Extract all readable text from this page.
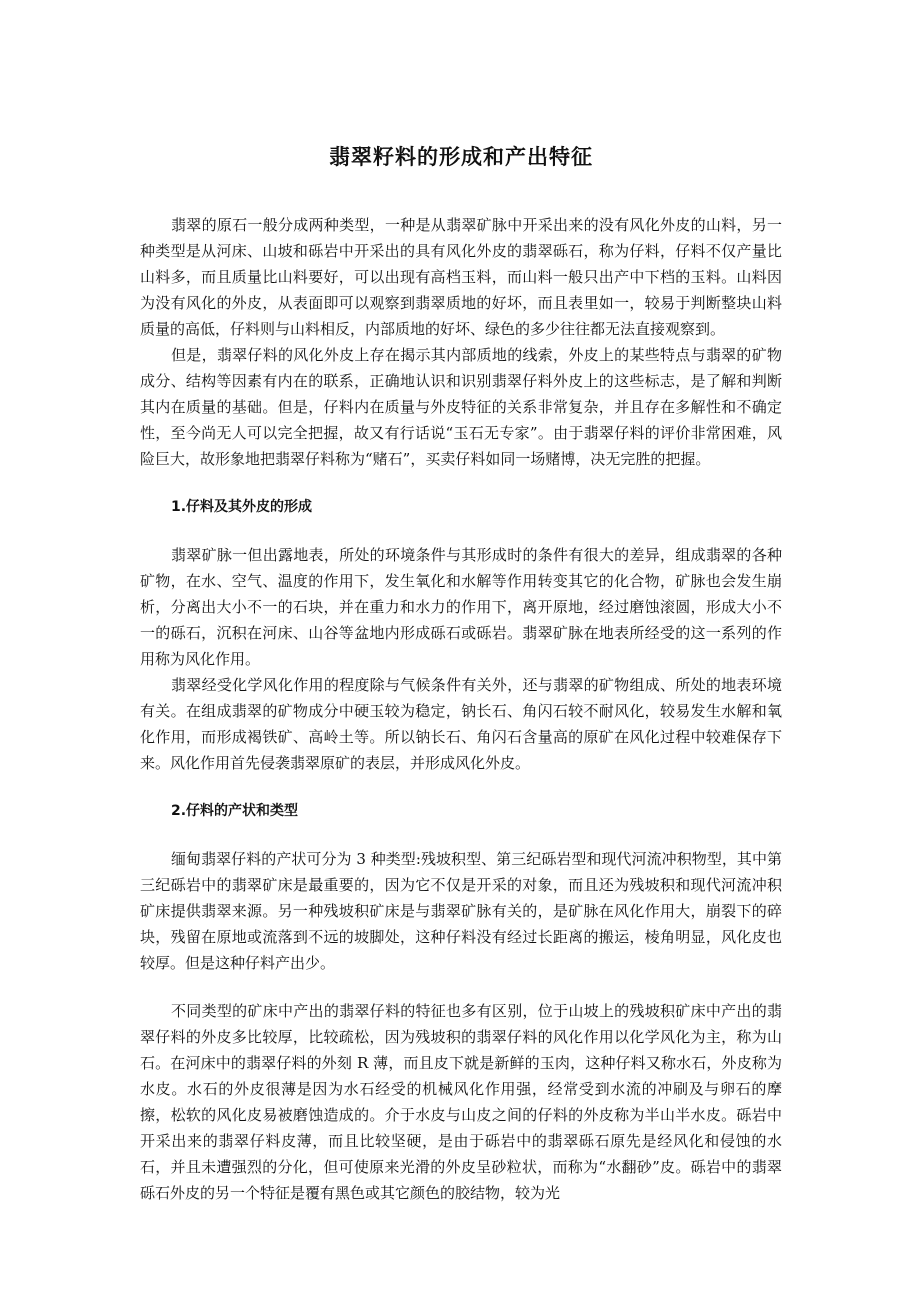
翡翠籽料的形成和产出特征

翡翠的原石一般分成两种类型，一种是从翡翠矿脉中开采出来的没有风化外皮的山料，另一种类型是从河床、山坡和砾岩中开采出的具有风化外皮的翡翠砾石，称为仔料，仔料不仅产量比山料多，而且质量比山料要好，可以出现有高档玉料，而山料一般只出产中下档的玉料。山料因为没有风化的外皮，从表面即可以观察到翡翠质地的好坏，而且表里如一，较易于判断整块山料质量的高低，仔料则与山料相反，内部质地的好坏、绿色的多少往往都无法直接观察到。

但是，翡翠仔料的风化外皮上存在揭示其内部质地的线索，外皮上的某些特点与翡翠的矿物成分、结构等因素有内在的联系，正确地认识和识别翡翠仔料外皮上的这些标志，是了解和判断其内在质量的基础。但是，仔料内在质量与外皮特征的关系非常复杂，并且存在多解性和不确定性，至今尚无人可以完全把握，故又有行话说“玉石无专家”。由于翡翠仔料的评价非常困难，风险巨大，故形象地把翡翠仔料称为“赌石”，买卖仔料如同一场赌博，决无完胜的把握。

1.仔料及其外皮的形成

翡翠矿脉一但出露地表，所处的环境条件与其形成时的条件有很大的差异，组成翡翠的各种矿物，在水、空气、温度的作用下，发生氧化和水解等作用转变其它的化合物，矿脉也会发生崩析，分离出大小不一的石块，并在重力和水力的作用下，离开原地，经过磨蚀滚圆，形成大小不一的砾石，沉积在河床、山谷等盆地内形成砾石或砾岩。翡翠矿脉在地表所经受的这一系列的作用称为风化作用。

翡翠经受化学风化作用的程度除与气候条件有关外，还与翡翠的矿物组成、所处的地表环境有关。在组成翡翠的矿物成分中硬玉较为稳定，钠长石、角闪石较不耐风化，较易发生水解和氧化作用，而形成褐铁矿、高岭土等。所以钠长石、角闪石含量高的原矿在风化过程中较难保存下来。风化作用首先侵袭翡翠原矿的表层，并形成风化外皮。

2.仔料的产状和类型

缅甸翡翠仔料的产状可分为 3 种类型:残坡积型、第三纪砾岩型和现代河流冲积物型，其中第三纪砾岩中的翡翠矿床是最重要的，因为它不仅是开采的对象，而且还为残坡积和现代河流冲积矿床提供翡翠来源。另一种残坡积矿床是与翡翠矿脉有关的，是矿脉在风化作用大，崩裂下的碎块，残留在原地或流落到不远的坡脚处，这种仔料没有经过长距离的搬运，棱角明显，风化皮也较厚。但是这种仔料产出少。

不同类型的矿床中产出的翡翠仔料的特征也多有区别，位于山坡上的残坡积矿床中产出的翡翠仔料的外皮多比较厚，比较疏松，因为残坡积的翡翠仔料的风化作用以化学风化为主，称为山石。在河床中的翡翠仔料的外刻 R 薄，而且皮下就是新鲜的玉肉，这种仔料又称水石，外皮称为水皮。水石的外皮很薄是因为水石经受的机械风化作用强，经常受到水流的冲刷及与卵石的摩擦，松软的风化皮易被磨蚀造成的。介于水皮与山皮之间的仔料的外皮称为半山半水皮。砾岩中开采出来的翡翠仔料皮薄，而且比较坚硬，是由于砾岩中的翡翠砾石原先是经风化和侵蚀的水石，并且未遭强烈的分化，但可使原来光滑的外皮呈砂粒状，而称为“水翻砂”皮。砾岩中的翡翠砾石外皮的另一个特征是覆有黑色或其它颜色的胶结物，较为光
